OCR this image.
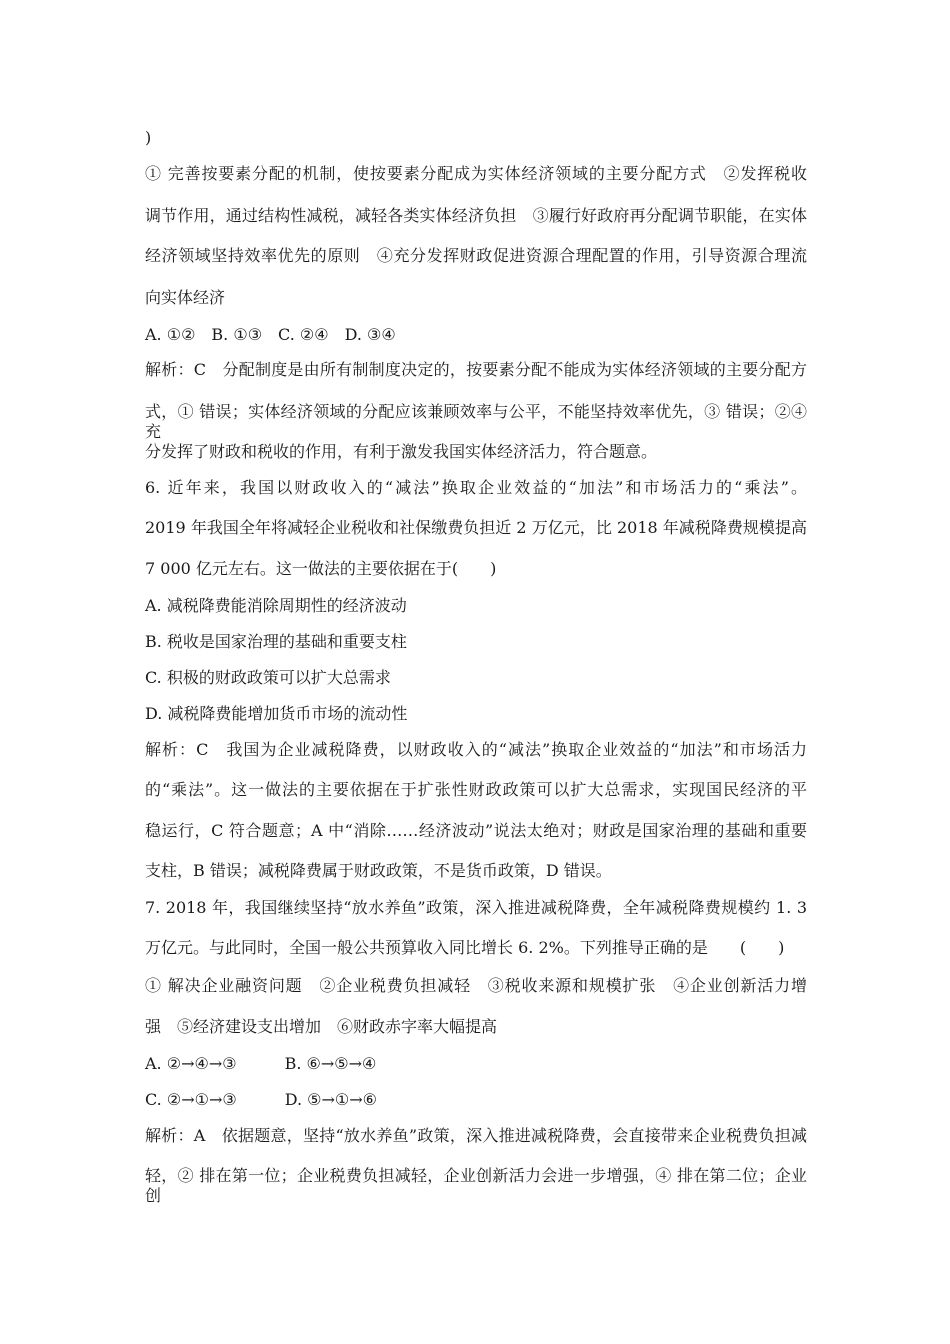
)
① 完善按要素分配的机制，使按要素分配成为实体经济领域的主要分配方式　②发挥税收
调节作用，通过结构性减税，减轻各类实体经济负担　③履行好政府再分配调节职能，在实体
经济领域坚持效率优先的原则　④充分发挥财政促进资源合理配置的作用，引导资源合理流
向实体经济
A. ①②　B. ①③　C. ②④　D. ③④
解析：C　分配制度是由所有制制度决定的，按要素分配不能成为实体经济领域的主要分配方
式，① 错误；实体经济领域的分配应该兼顾效率与公平，不能坚持效率优先，③ 错误；②④ 充
分发挥了财政和税收的作用，有利于激发我国实体经济活力，符合题意。
6. 近年来，我国以财政收入的“减法”换取企业效益的“加法”和市场活力的“乘法”。
2019 年我国全年将减轻企业税收和社保缴费负担近 2 万亿元，比 2018 年减税降费规模提高
7 000 亿元左右。这一做法的主要依据在于(　　)
A. 减税降费能消除周期性的经济波动
B. 税收是国家治理的基础和重要支柱
C. 积极的财政政策可以扩大总需求
D. 减税降费能增加货币市场的流动性
解析：C　我国为企业减税降费，以财政收入的“减法”换取企业效益的“加法”和市场活力
的“乘法”。这一做法的主要依据在于扩张性财政政策可以扩大总需求，实现国民经济的平
稳运行，C 符合题意；A 中“消除……经济波动”说法太绝对；财政是国家治理的基础和重要
支柱，B 错误；减税降费属于财政政策，不是货币政策，D 错误。
7. 2018 年，我国继续坚持“放水养鱼”政策，深入推进减税降费，全年减税降费规模约 1. 3
万亿元。与此同时，全国一般公共预算收入同比增长 6. 2%。下列推导正确的是　　(　　)
① 解决企业融资问题　②企业税费负担减轻　③税收来源和规模扩张　④企业创新活力增
强　⑤经济建设支出增加　⑥财政赤字率大幅提高
A. ②→④→③　　　B. ⑥→⑤→④
C. ②→①→③　　　D. ⑤→①→⑥
解析：A　依据题意，坚持“放水养鱼”政策，深入推进减税降费，会直接带来企业税费负担减
轻，② 排在第一位；企业税费负担减轻，企业创新活力会进一步增强，④ 排在第二位；企业创
